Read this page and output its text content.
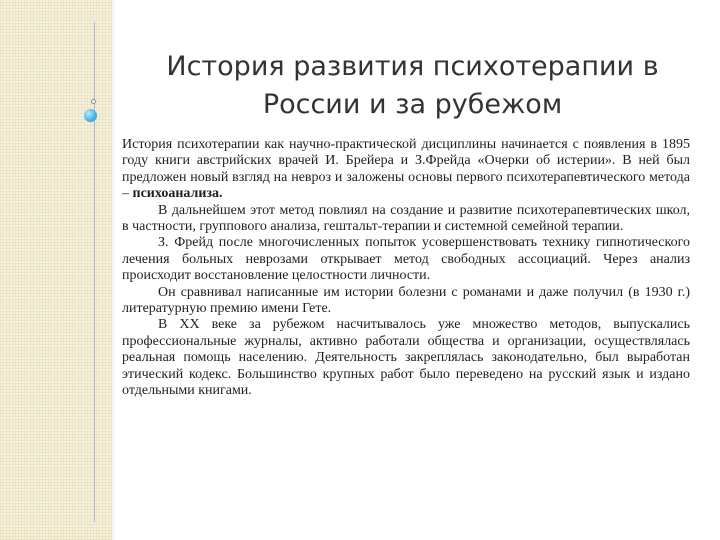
История развития психотерапии в
России и за рубежом

История психотерапии как научно-практической дисциплины начинается с появления в 1895 году книги австрийских врачей И. Брейера и З.Фрейда «Очерки об истерии». В ней был предложен новый взгляд на невроз и заложены основы первого психотерапевтического метода – психоанализа.

В дальнейшем этот метод повлиял на создание и развитие психотерапевтических школ, в частности, группового анализа, гештальт-терапии и системной семейной терапии.

З. Фрейд после многочисленных попыток усовершенствовать технику гипнотического лечения больных неврозами открывает метод свободных ассоциаций. Через анализ происходит восстановление целостности личности.

Он сравнивал написанные им истории болезни с романами и даже получил (в 1930 г.) литературную премию имени Гете.

В XX веке за рубежом насчитывалось уже множество методов, выпускались профессиональные журналы, активно работали общества и организации, осуществлялась реальная помощь населению. Деятельность закреплялась законодательно, был выработан этический кодекс. Большинство крупных работ было переведено на русский язык и издано отдельными книгами.
